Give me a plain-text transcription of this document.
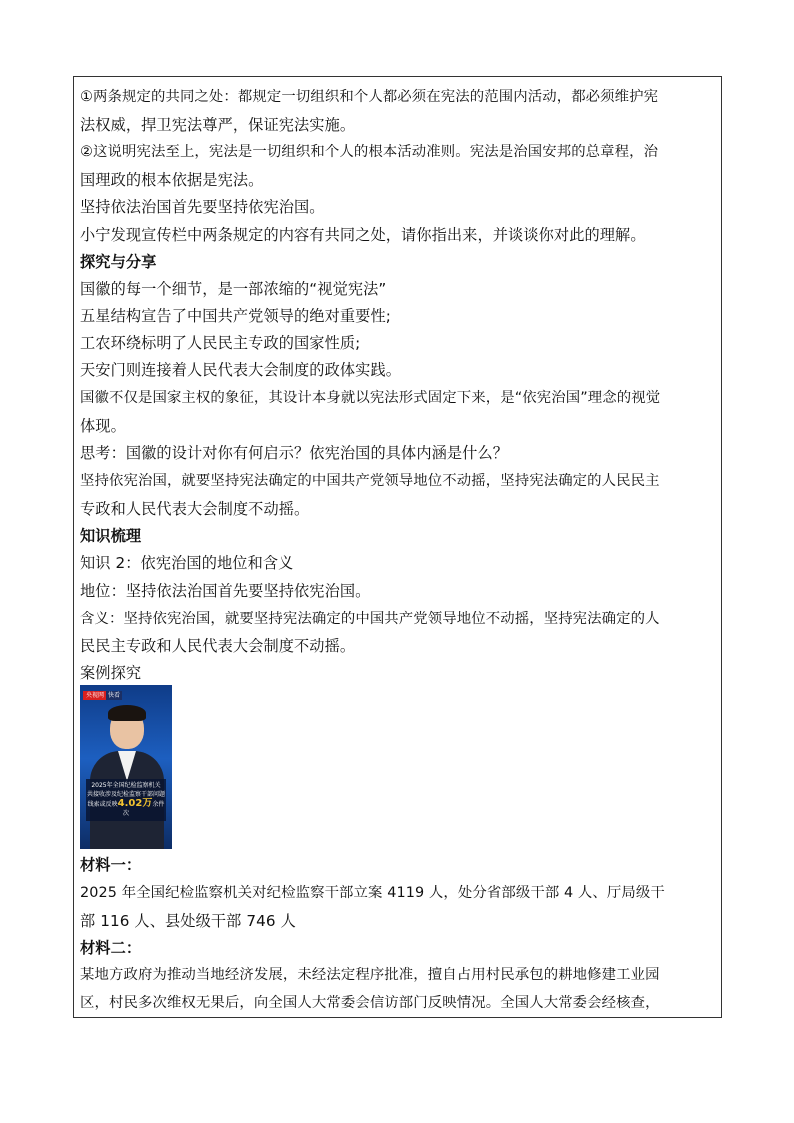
①两条规定的共同之处：都规定一切组织和个人都必须在宪法的范围内活动，都必须维护宪
法权威，捍卫宪法尊严，保证宪法实施。
②这说明宪法至上，宪法是一切组织和个人的根本活动准则。宪法是治国安邦的总章程，治
国理政的根本依据是宪法。
坚持依法治国首先要坚持依宪治国。
小宁发现宣传栏中两条规定的内容有共同之处，请你指出来，并谈谈你对此的理解。
探究与分享
国徽的每一个细节，是一部浓缩的“视觉宪法”
五星结构宣告了中国共产党领导的绝对重要性;
工农环绕标明了人民民主专政的国家性质;
天安门则连接着人民代表大会制度的政体实践。
国徽不仅是国家主权的象征，其设计本身就以宪法形式固定下来，是“依宪治国”理念的视觉
体现。
思考：国徽的设计对你有何启示？依宪治国的具体内涵是什么？
坚持依宪治国，就要坚持宪法确定的中国共产党领导地位不动摇，坚持宪法确定的人民民主
专政和人民代表大会制度不动摇。
知识梳理
知识 2：依宪治国的地位和含义
地位：坚持依法治国首先要坚持依宪治国。
含义：坚持依宪治国，就要坚持宪法确定的中国共产党领导地位不动摇，坚持宪法确定的人
民民主专政和人民代表大会制度不动摇。
案例探究
材料一：
2025 年全国纪检监察机关对纪检监察干部立案 4119 人，处分省部级干部 4 人、厅局级干
部 116 人、县处级干部 746 人
材料二：
某地方政府为推动当地经济发展，未经法定程序批准，擅自占用村民承包的耕地修建工业园
区，村民多次维权无果后，向全国人大常委会信访部门反映情况。全国人大常委会经核查，
央视网 快看
2025年全国纪检监察机关
共接收涉及纪检监察干部问题
线索或反映4.02万余件次
